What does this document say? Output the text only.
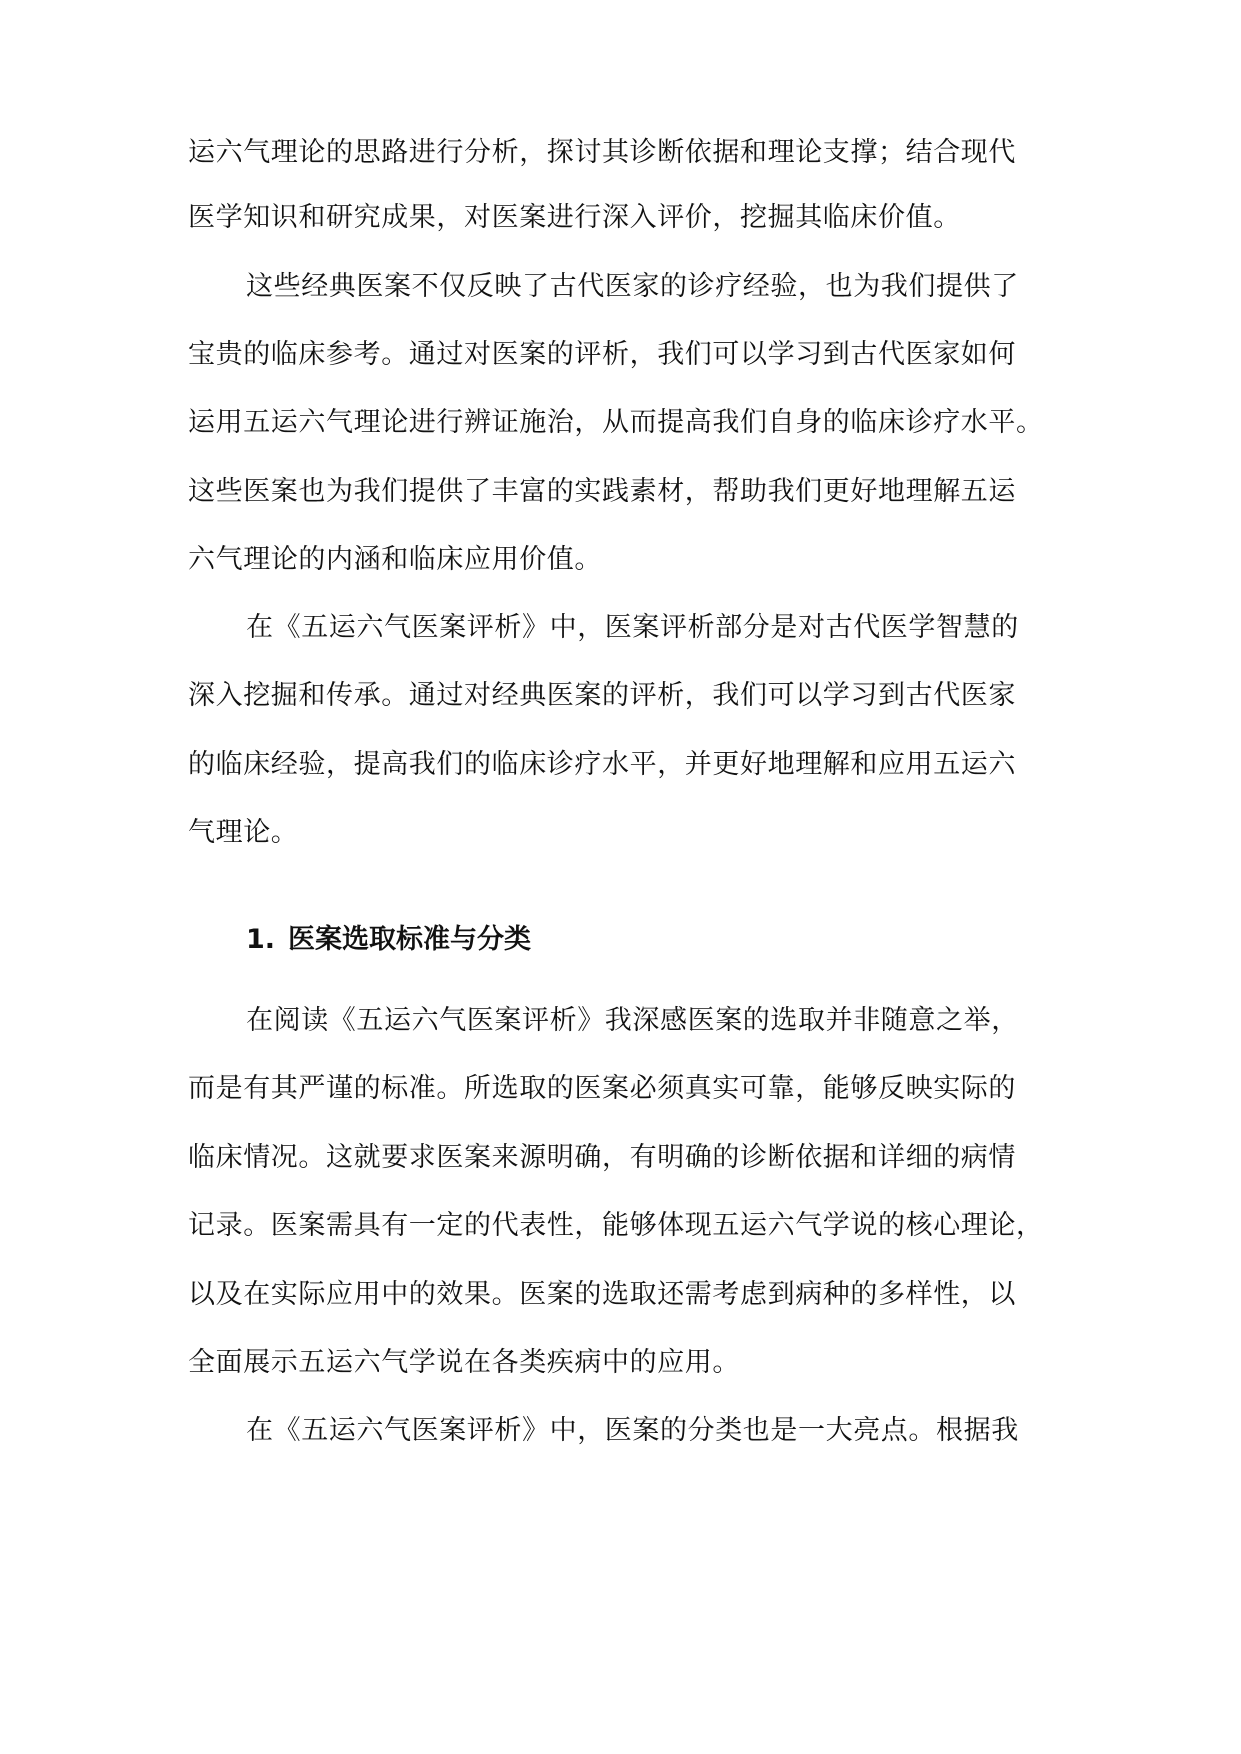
运六气理论的思路进行分析，探讨其诊断依据和理论支撑；结合现代
医学知识和研究成果，对医案进行深入评价，挖掘其临床价值。
这些经典医案不仅反映了古代医家的诊疗经验，也为我们提供了
宝贵的临床参考。通过对医案的评析，我们可以学习到古代医家如何
运用五运六气理论进行辨证施治，从而提高我们自身的临床诊疗水平。
这些医案也为我们提供了丰富的实践素材，帮助我们更好地理解五运
六气理论的内涵和临床应用价值。
在《五运六气医案评析》中，医案评析部分是对古代医学智慧的
深入挖掘和传承。通过对经典医案的评析，我们可以学习到古代医家
的临床经验，提高我们的临床诊疗水平，并更好地理解和应用五运六
气理论。
1. 医案选取标准与分类
在阅读《五运六气医案评析》我深感医案的选取并非随意之举，
而是有其严谨的标准。所选取的医案必须真实可靠，能够反映实际的
临床情况。这就要求医案来源明确，有明确的诊断依据和详细的病情
记录。医案需具有一定的代表性，能够体现五运六气学说的核心理论，
以及在实际应用中的效果。医案的选取还需考虑到病种的多样性，以
全面展示五运六气学说在各类疾病中的应用。
在《五运六气医案评析》中，医案的分类也是一大亮点。根据我
